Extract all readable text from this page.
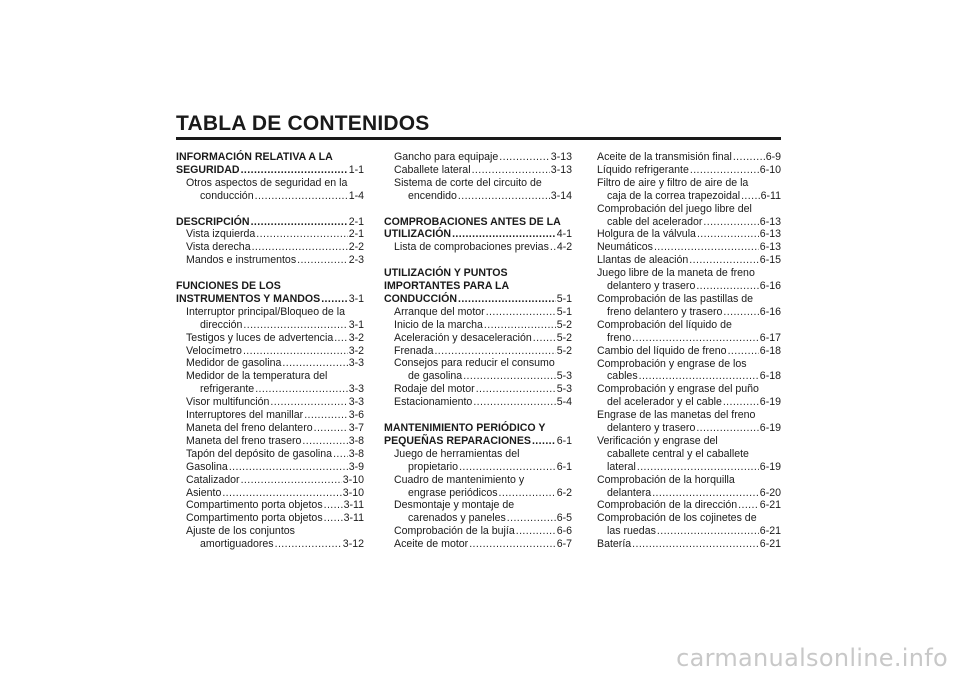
TABLA DE CONTENIDOS
INFORMACIÓN RELATIVA A LA
SEGURIDAD .....	1-1
Otros aspectos de seguridad en la
conducción .....	1-4
DESCRIPCIÓN .....	2-1
Vista izquierda .....	2-1
Vista derecha .....	2-2
Mandos e instrumentos .....	2-3
FUNCIONES DE LOS
INSTRUMENTOS Y MANDOS .....	3-1
Interruptor principal/Bloqueo de la
dirección .....	3-1
Testigos y luces de advertencia ..... 3-2
Velocímetro .....	3-2
Medidor de gasolina .....	3-3
Medidor de la temperatura del
refrigerante .....	3-3
Visor multifunción .....	3-3
Interruptores del manillar .....	3-6
Maneta del freno delantero .....	3-7
Maneta del freno trasero .....	3-8
Tapón del depósito de gasolina ..... 3-8
Gasolina .....	3-9
Catalizador .....	3-10
Asiento .....	3-10
Compartimento porta objetos ..... 3-11
Compartimento porta objetos ..... 3-11
Ajuste de los conjuntos
amortiguadores .....	3-12
Gancho para equipaje .....	3-13
Caballete lateral .....	3-13
Sistema de corte del circuito de
encendido .....	3-14
COMPROBACIONES ANTES DE LA
UTILIZACIÓN .....	4-1
Lista de comprobaciones previas ..... 4-2
UTILIZACIÓN Y PUNTOS
IMPORTANTES PARA LA
CONDUCCIÓN .....	5-1
Arranque del motor .....	5-1
Inicio de la marcha .....	5-2
Aceleración y desaceleración ..... 5-2
Frenada .....	5-2
Consejos para reducir el consumo
de gasolina .....	5-3
Rodaje del motor .....	5-3
Estacionamiento .....	5-4
MANTENIMIENTO PERIÓDICO Y
PEQUEÑAS REPARACIONES ..... 6-1
Juego de herramientas del
propietario .....	6-1
Cuadro de mantenimiento y
engrase periódicos .....	6-2
Desmontaje y montaje de
carenados y paneles .....	6-5
Comprobación de la bujía .....	6-6
Aceite de motor .....	6-7
Aceite de la transmisión final .....	6-9
Líquido refrigerante .....	6-10
Filtro de aire y filtro de aire de la
caja de la correa trapezoidal ..... 6-11
Comprobación del juego libre del
cable del acelerador .....	6-13
Holgura de la válvula .....	6-13
Neumáticos .....	6-13
Llantas de aleación .....	6-15
Juego libre de la maneta de freno
delantero y trasero .....	6-16
Comprobación de las pastillas de
freno delantero y trasero .....	6-16
Comprobación del líquido de
freno .....	6-17
Cambio del líquido de freno .....	6-18
Comprobación y engrase de los
cables .....	6-18
Comprobación y engrase del puño
del acelerador y el cable .....	6-19
Engrase de las manetas del freno
delantero y trasero .....	6-19
Verificación y engrase del
caballete central y el caballete
lateral .....	6-19
Comprobación de la horquilla
delantera .....	6-20
Comprobación de la dirección ..... 6-21
Comprobación de los cojinetes de
las ruedas .....	6-21
Batería .....	6-21
carmanualsonline.info
